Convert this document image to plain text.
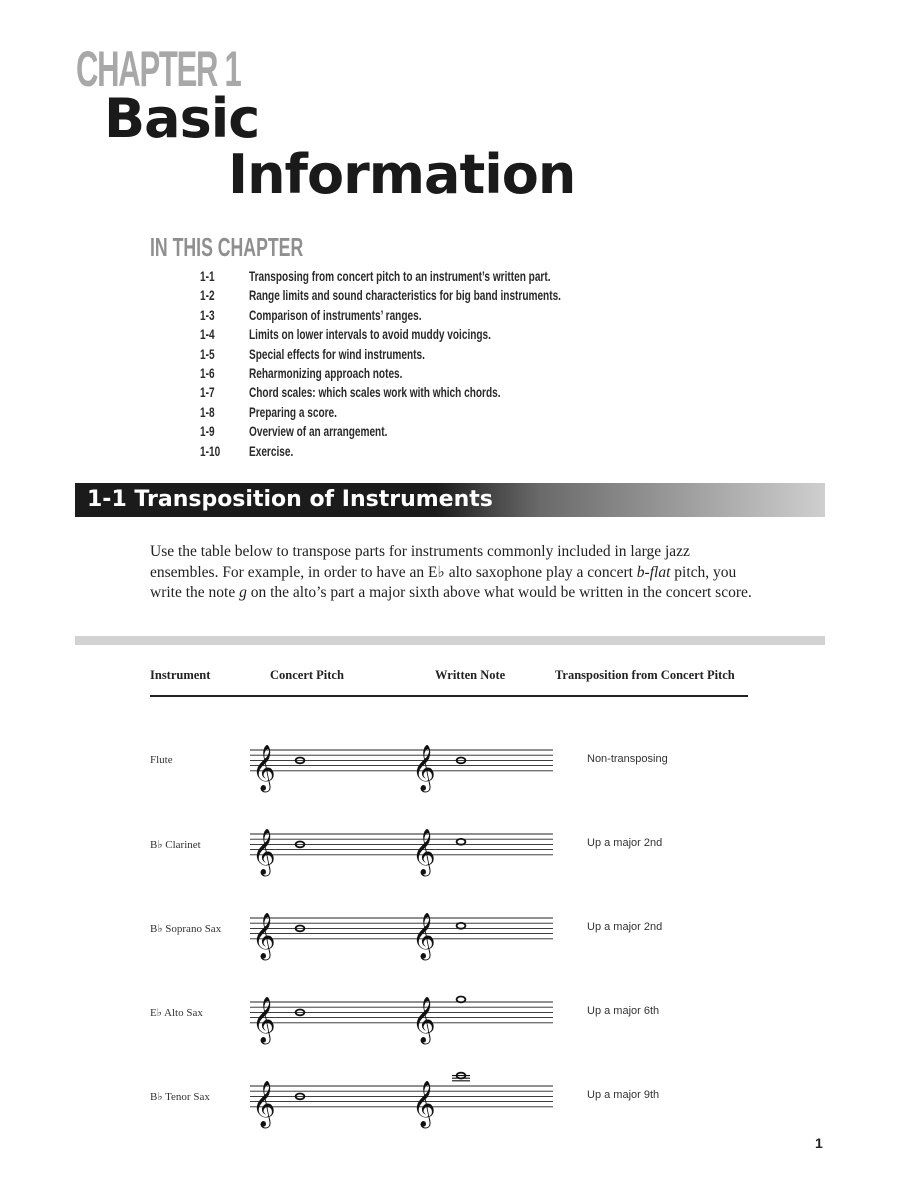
CHAPTER 1
Basic
Information
IN THIS CHAPTER
1-1 Transposing from concert pitch to an instrument’s written part.
1-2 Range limits and sound characteristics for big band instruments.
1-3 Comparison of instruments’ ranges.
1-4 Limits on lower intervals to avoid muddy voicings.
1-5 Special effects for wind instruments.
1-6 Reharmonizing approach notes.
1-7 Chord scales: which scales work with which chords.
1-8 Preparing a score.
1-9 Overview of an arrangement.
1-10 Exercise.
1-1 Transposition of Instruments
Use the table below to transpose parts for instruments commonly included in large jazz ensembles. For example, in order to have an E♭ alto saxophone play a concert b-flat pitch, you write the note g on the alto’s part a major sixth above what would be written in the concert score.
Instrument	Concert Pitch	Written Note	Transposition from Concert Pitch
Flute 𝄞	𝄞	Non-transposing
B♭ Clarinet 𝄞	𝄞	Up a major 2nd
B♭ Soprano Sax 𝄞	𝄞	Up a major 2nd
E♭ Alto Sax 𝄞	𝄞	Up a major 6th
B♭ Tenor Sax 𝄞	𝄞	Up a major 9th
1
